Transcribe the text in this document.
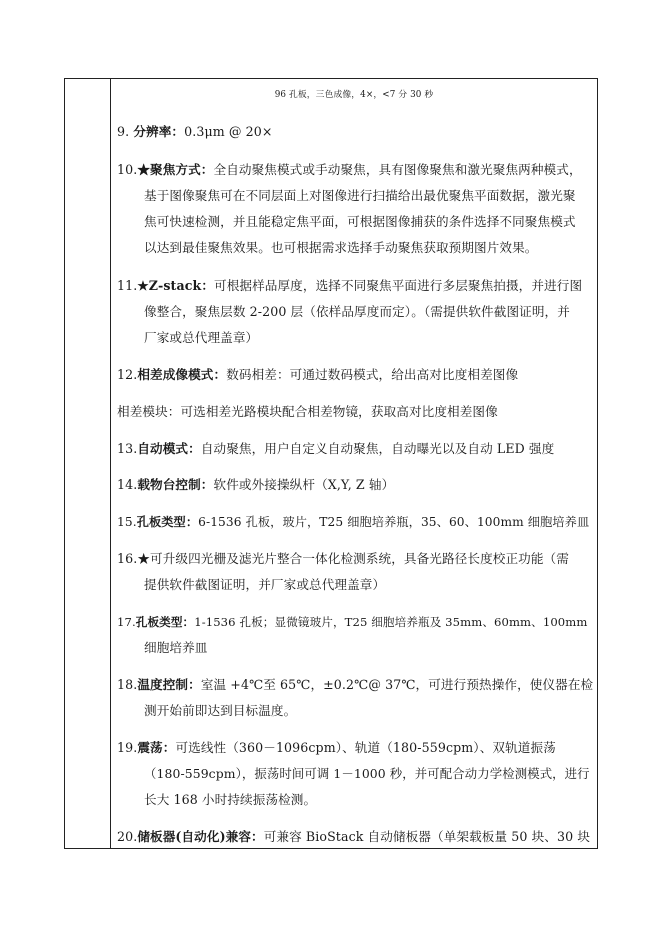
96 孔板，三色成像，4×，<7 分 30 秒
9. 分辨率：0.3μm @ 20×
10.★聚焦方式：全自动聚焦模式或手动聚焦，具有图像聚焦和激光聚焦两种模式，
基于图像聚焦可在不同层面上对图像进行扫描给出最优聚焦平面数据，激光聚
焦可快速检测，并且能稳定焦平面，可根据图像捕获的条件选择不同聚焦模式
以达到最佳聚焦效果。也可根据需求选择手动聚焦获取预期图片效果。
11.★Z-stack：可根据样品厚度，选择不同聚焦平面进行多层聚焦拍摄，并进行图
像整合，聚焦层数 2-200 层（依样品厚度而定）。（需提供软件截图证明，并
厂家或总代理盖章）
12.相差成像模式：数码相差：可通过数码模式，给出高对比度相差图像
相差模块：可选相差光路模块配合相差物镜，获取高对比度相差图像
13.自动模式：自动聚焦，用户自定义自动聚焦，自动曝光以及自动 LED 强度
14.载物台控制：软件或外接操纵杆（X,Y, Z 轴）
15.孔板类型：6-1536 孔板，玻片，T25 细胞培养瓶，35、60、100mm 细胞培养皿
16.★可升级四光栅及滤光片整合一体化检测系统，具备光路径长度校正功能（需
提供软件截图证明，并厂家或总代理盖章）
17.孔板类型：1-1536 孔板；显微镜玻片，T25 细胞培养瓶及 35mm、60mm、100mm
细胞培养皿
18.温度控制：室温 +4℃至 65℃，±0.2℃@ 37℃，可进行预热操作，使仪器在检
测开始前即达到目标温度。
19.震荡：可选线性（360－1096cpm）、轨道（180-559cpm）、双轨道振荡
（180-559cpm），振荡时间可调 1－1000 秒，并可配合动力学检测模式，进行
长大 168 小时持续振荡检测。
20.储板器(自动化)兼容：可兼容 BioStack 自动储板器（单架载板量 50 块、30 块
